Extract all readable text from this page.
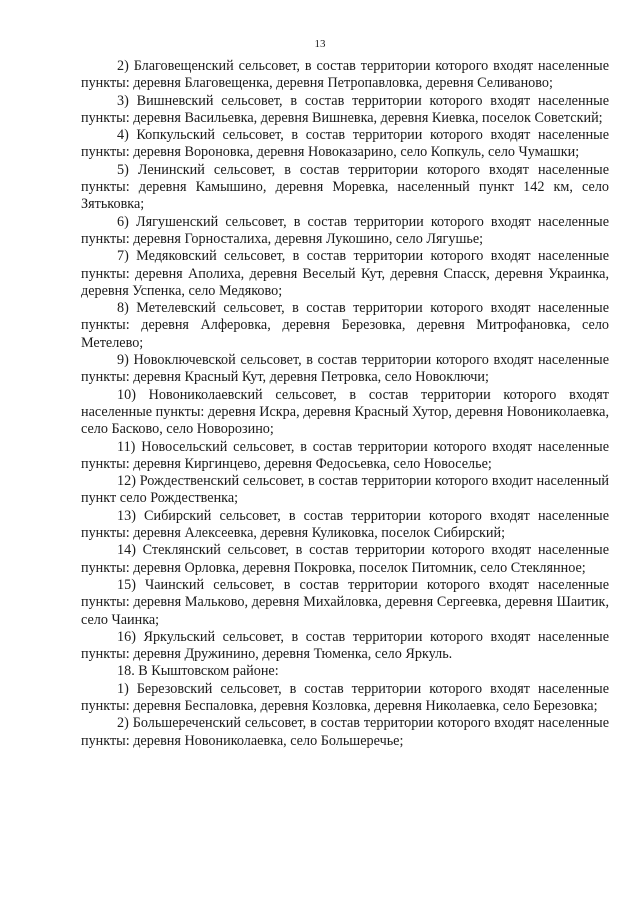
13

2) Благовещенский сельсовет, в состав территории которого входят населенные пункты: деревня Благовещенка, деревня Петропавловка, деревня Селиваново;

3) Вишневский сельсовет, в состав территории которого входят населенные пункты: деревня Васильевка, деревня Вишневка, деревня Киевка, поселок Советский;

4) Копкульский сельсовет, в состав территории которого входят населенные пункты: деревня Вороновка, деревня Новоказарино, село Копкуль, село Чумашки;

5) Ленинский сельсовет, в состав территории которого входят населенные пункты: деревня Камышино, деревня Моревка, населенный пункт 142 км, село Зятьковка;

6) Лягушенский сельсовет, в состав территории которого входят населенные пункты: деревня Горносталиха, деревня Лукошино, село Лягушье;

7) Медяковский сельсовет, в состав территории которого входят населенные пункты: деревня Аполиха, деревня Веселый Кут, деревня Спасск, деревня Украинка, деревня Успенка, село Медяково;

8) Метелевский сельсовет, в состав территории которого входят населенные пункты: деревня Алферовка, деревня Березовка, деревня Митрофановка, село Метелево;

9) Новоключевской сельсовет, в состав территории которого входят населенные пункты: деревня Красный Кут, деревня Петровка, село Новоключи;

10) Новониколаевский сельсовет, в состав территории которого входят населенные пункты: деревня Искра, деревня Красный Хутор, деревня Новониколаевка, село Басково, село Новорозино;

11) Новосельский сельсовет, в состав территории которого входят населенные пункты: деревня Киргинцево, деревня Федосьевка, село Новоселье;

12) Рождественский сельсовет, в состав территории которого входит населенный пункт село Рождественка;

13) Сибирский сельсовет, в состав территории которого входят населенные пункты: деревня Алексеевка, деревня Куликовка, поселок Сибирский;

14) Стеклянский сельсовет, в состав территории которого входят населенные пункты: деревня Орловка, деревня Покровка, поселок Питомник, село Стеклянное;

15) Чаинский сельсовет, в состав территории которого входят населенные пункты: деревня Мальково, деревня Михайловка, деревня Сергеевка, деревня Шаитик, село Чаинка;

16) Яркульский сельсовет, в состав территории которого входят населенные пункты: деревня Дружинино, деревня Тюменка, село Яркуль.

18. В Кыштовском районе:

1) Березовский сельсовет, в состав территории которого входят населенные пункты: деревня Беспаловка, деревня Козловка, деревня Николаевка, село Березовка;

2) Большереченский сельсовет, в состав территории которого входят населенные пункты: деревня Новониколаевка, село Большеречье;
